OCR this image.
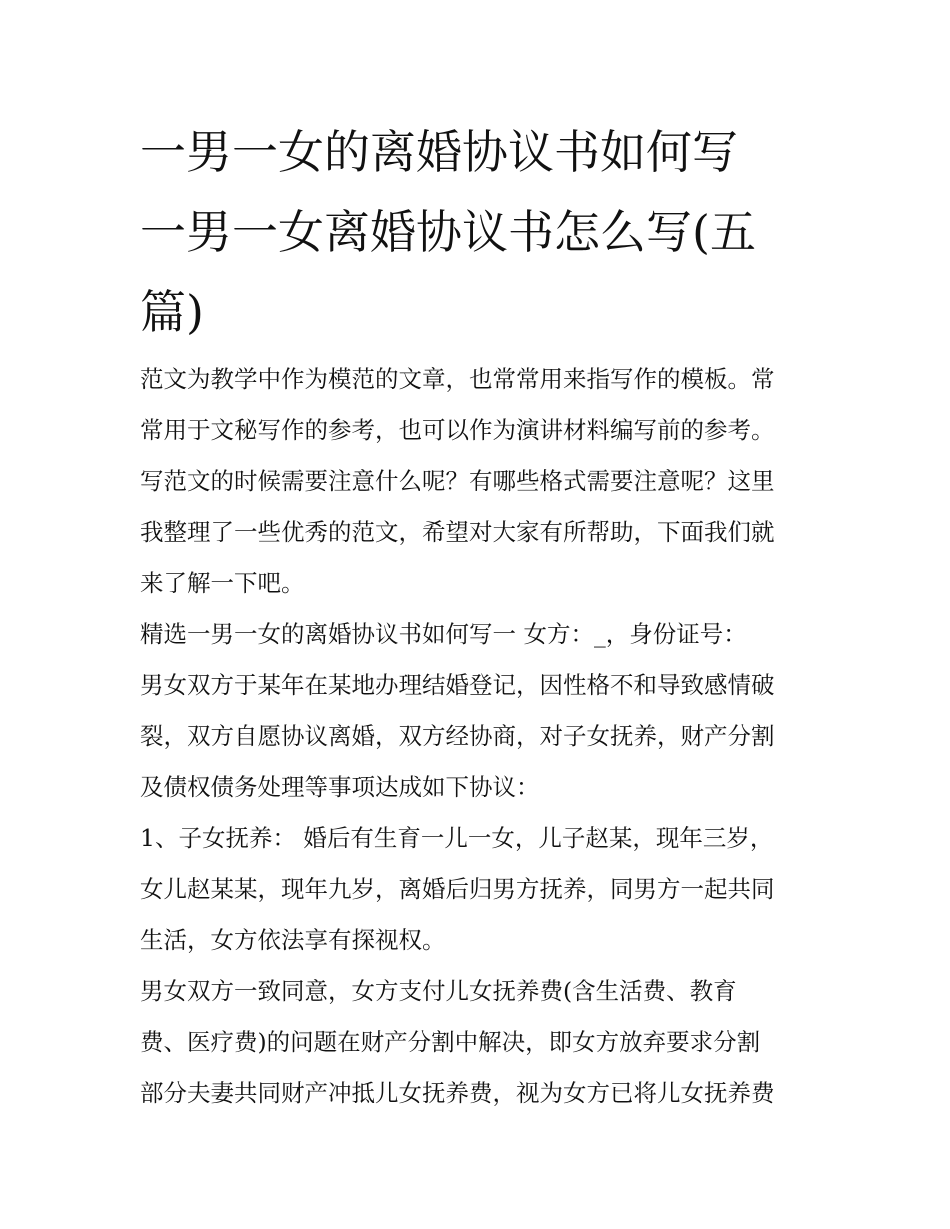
一男一女的离婚协议书如何写
一男一女离婚协议书怎么写(五
篇)
范文为教学中作为模范的文章，也常常用来指写作的模板。常
常用于文秘写作的参考，也可以作为演讲材料编写前的参考。
写范文的时候需要注意什么呢？有哪些格式需要注意呢？这里
我整理了一些优秀的范文，希望对大家有所帮助，下面我们就
来了解一下吧。
精选一男一女的离婚协议书如何写一 女方：_，身份证号：
男女双方于某年在某地办理结婚登记，因性格不和导致感情破
裂，双方自愿协议离婚，双方经协商，对子女抚养，财产分割
及债权债务处理等事项达成如下协议：
1、子女抚养： 婚后有生育一儿一女，儿子赵某，现年三岁，
女儿赵某某，现年九岁，离婚后归男方抚养，同男方一起共同
生活，女方依法享有探视权。
男女双方一致同意，女方支付儿女抚养费(含生活费、教育
费、医疗费)的问题在财产分割中解决，即女方放弃要求分割
部分夫妻共同财产冲抵儿女抚养费，视为女方已将儿女抚养费
